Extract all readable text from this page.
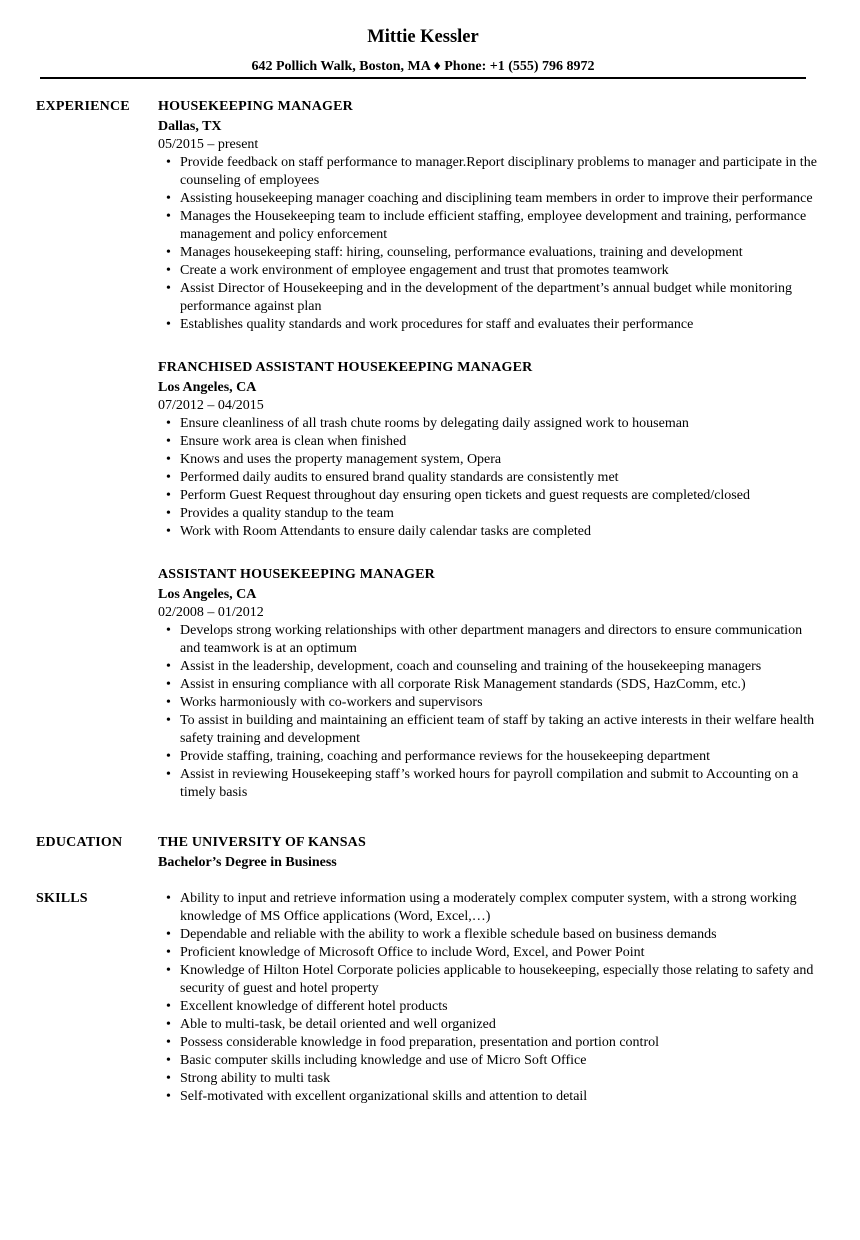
Mittie Kessler
642 Pollich Walk, Boston, MA ♦ Phone: +1 (555) 796 8972
EXPERIENCE HOUSEKEEPING MANAGER
Dallas, TX
05/2015 – present
• Provide feedback on staff performance to manager.Report disciplinary problems to manager and participate in the counseling of employees
• Assisting housekeeping manager coaching and disciplining team members in order to improve their performance
• Manages the Housekeeping team to include efficient staffing, employee development and training, performance management and policy enforcement
• Manages housekeeping staff: hiring, counseling, performance evaluations, training and development
• Create a work environment of employee engagement and trust that promotes teamwork
• Assist Director of Housekeeping and in the development of the department’s annual budget while monitoring performance against plan
• Establishes quality standards and work procedures for staff and evaluates their performance
FRANCHISED ASSISTANT HOUSEKEEPING MANAGER
Los Angeles, CA
07/2012 – 04/2015
• Ensure cleanliness of all trash chute rooms by delegating daily assigned work to houseman
• Ensure work area is clean when finished
• Knows and uses the property management system, Opera
• Performed daily audits to ensured brand quality standards are consistently met
• Perform Guest Request throughout day ensuring open tickets and guest requests are completed/closed
• Provides a quality standup to the team
• Work with Room Attendants to ensure daily calendar tasks are completed
ASSISTANT HOUSEKEEPING MANAGER
Los Angeles, CA
02/2008 – 01/2012
• Develops strong working relationships with other department managers and directors to ensure communication and teamwork is at an optimum
• Assist in the leadership, development, coach and counseling and training of the housekeeping managers
• Assist in ensuring compliance with all corporate Risk Management standards (SDS, HazComm, etc.)
• Works harmoniously with co-workers and supervisors
• To assist in building and maintaining an efficient team of staff by taking an active interests in their welfare health safety training and development
• Provide staffing, training, coaching and performance reviews for the housekeeping department
• Assist in reviewing Housekeeping staff’s worked hours for payroll compilation and submit to Accounting on a timely basis
EDUCATION	THE UNIVERSITY OF KANSAS
Bachelor’s Degree in Business
SKILLS
•	Ability to input and retrieve information using a moderately complex computer system, with a strong working knowledge of MS Office applications (Word, Excel,…)
• Dependable and reliable with the ability to work a flexible schedule based on business demands
• Proficient knowledge of Microsoft Office to include Word, Excel, and Power Point
• Knowledge of Hilton Hotel Corporate policies applicable to housekeeping, especially those relating to safety and security of guest and hotel property
• Excellent knowledge of different hotel products
• Able to multi-task, be detail oriented and well organized
• Possess considerable knowledge in food preparation, presentation and portion control
• Basic computer skills including knowledge and use of Micro Soft Office
• Strong ability to multi task
• Self-motivated with excellent organizational skills and attention to detail
